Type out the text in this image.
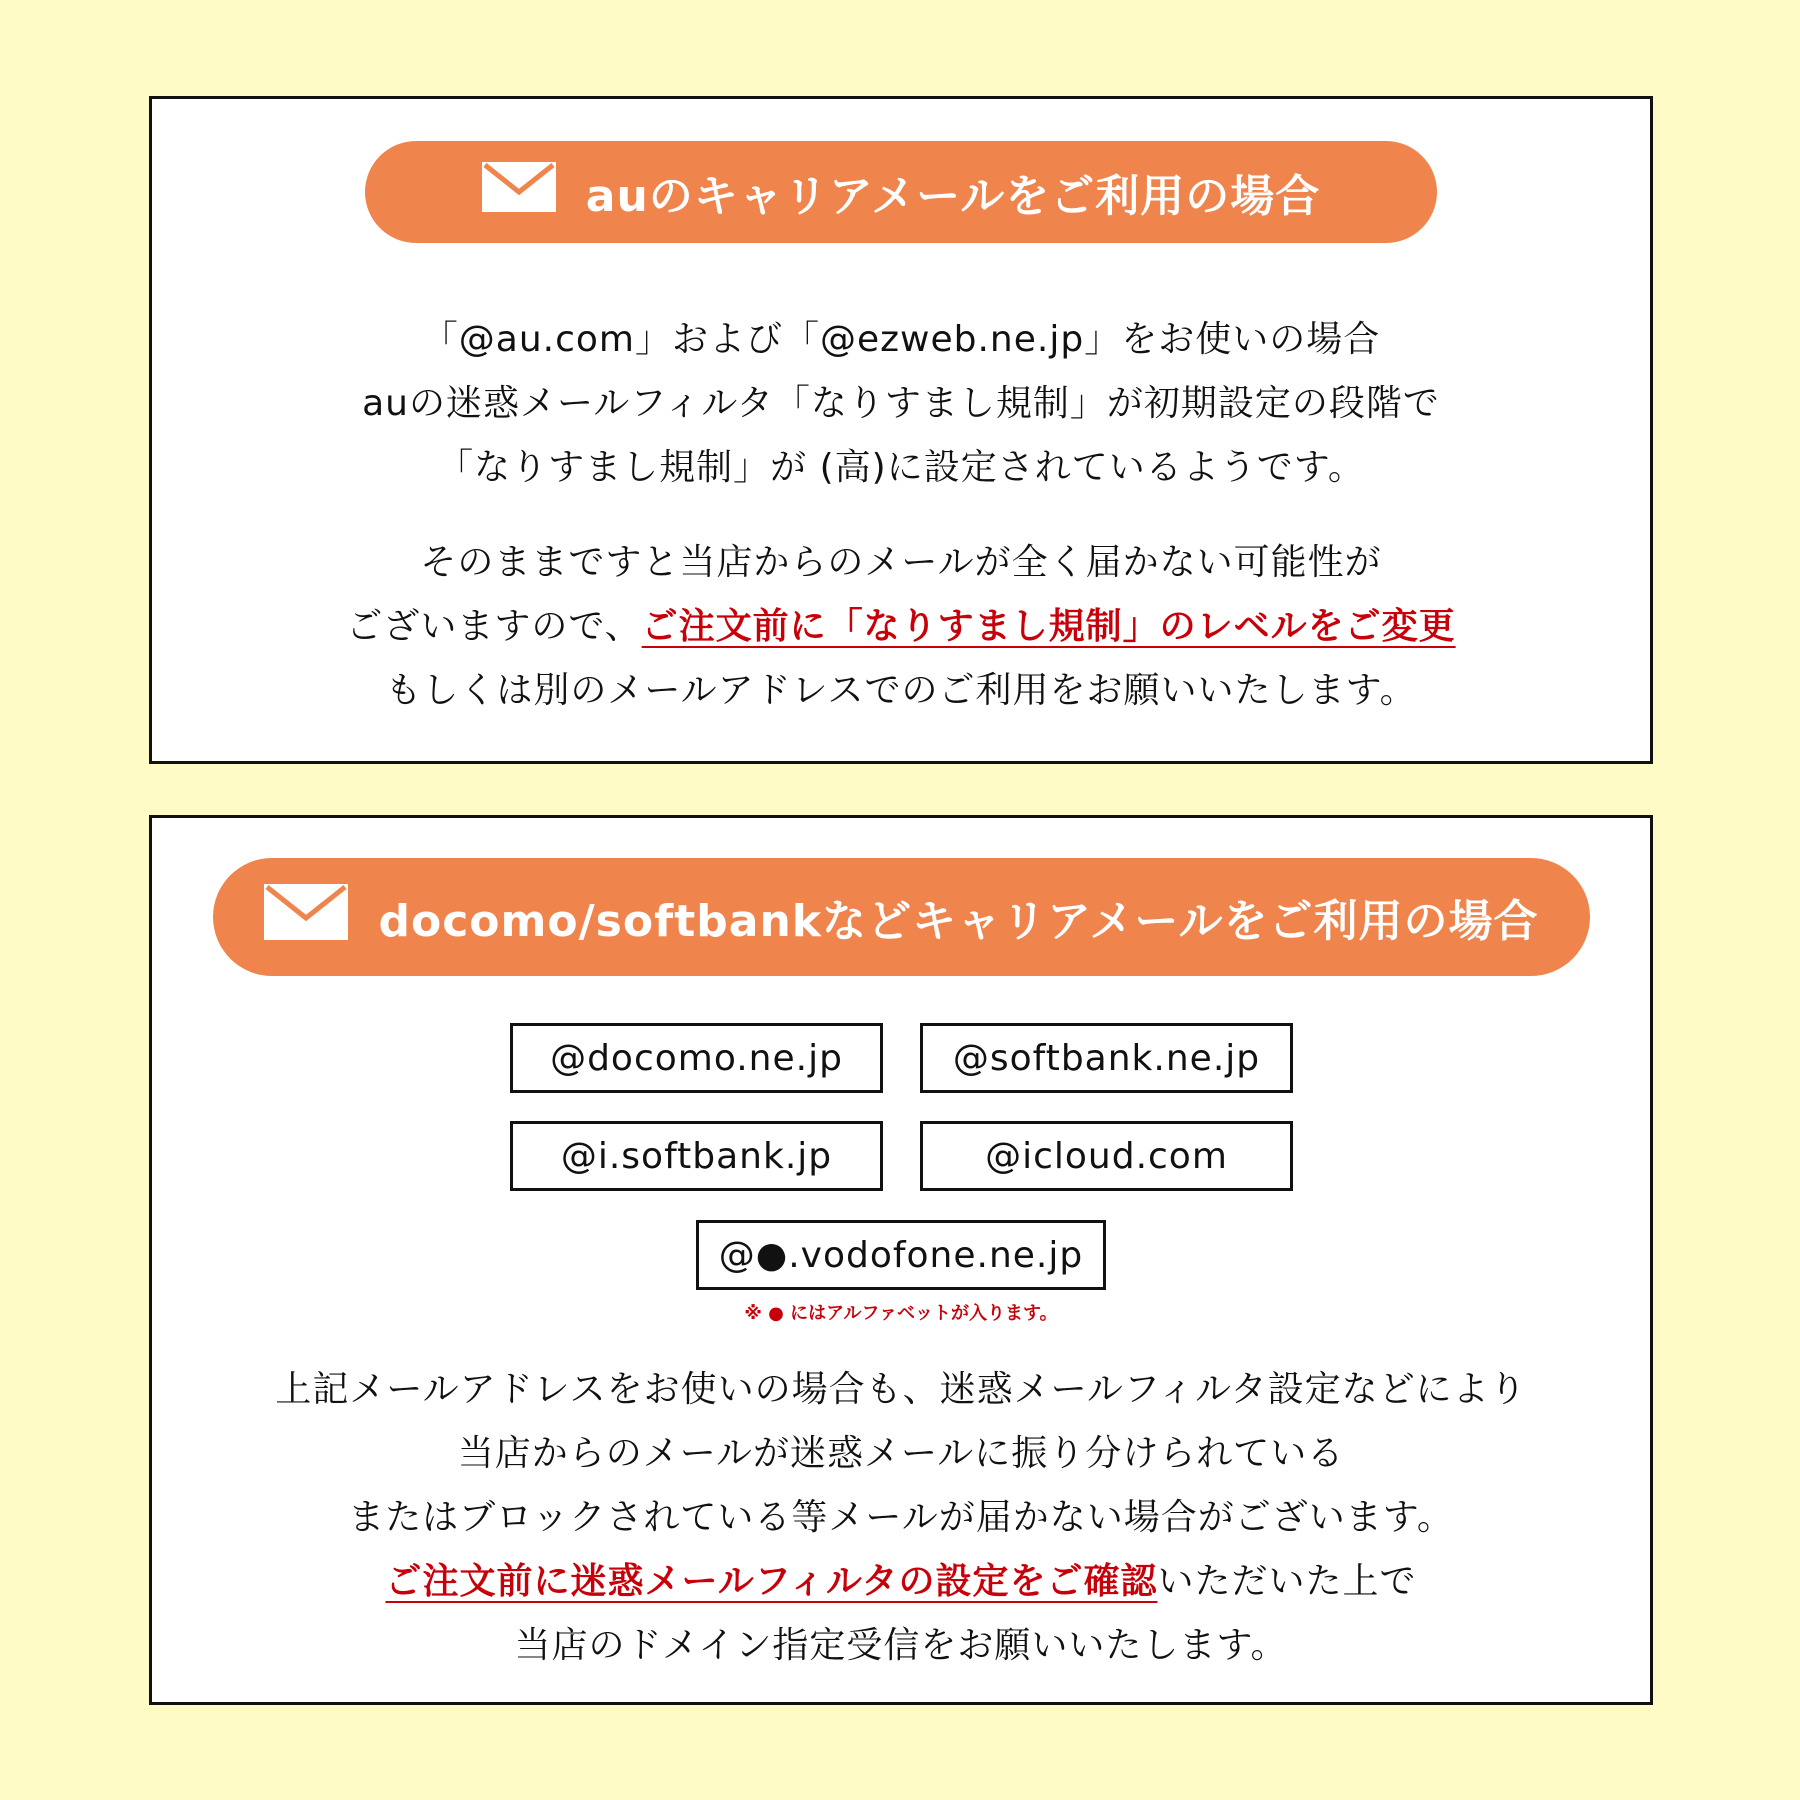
auのキャリアメールをご利用の場合
「@au.com」および「@ezweb.ne.jp」をお使いの場合
auの迷惑メールフィルタ「なりすまし規制」が初期設定の段階で
「なりすまし規制」が (高)に設定されているようです。
そのままですと当店からのメールが全く届かない可能性が
ございますので、ご注文前に「なりすまし規制」のレベルをご変更
もしくは別のメールアドレスでのご利用をお願いいたします。
docomo/softbankなどキャリアメールをご利用の場合
@docomo.ne.jp	@softbank.ne.jp
@i.softbank.jp	@icloud.com
@●.vodofone.ne.jp
※ ● にはアルファベットが入ります。
上記メールアドレスをお使いの場合も、迷惑メールフィルタ設定などにより
当店からのメールが迷惑メールに振り分けられている
またはブロックされている等メールが届かない場合がございます。
ご注文前に迷惑メールフィルタの設定をご確認いただいた上で
当店のドメイン指定受信をお願いいたします。
